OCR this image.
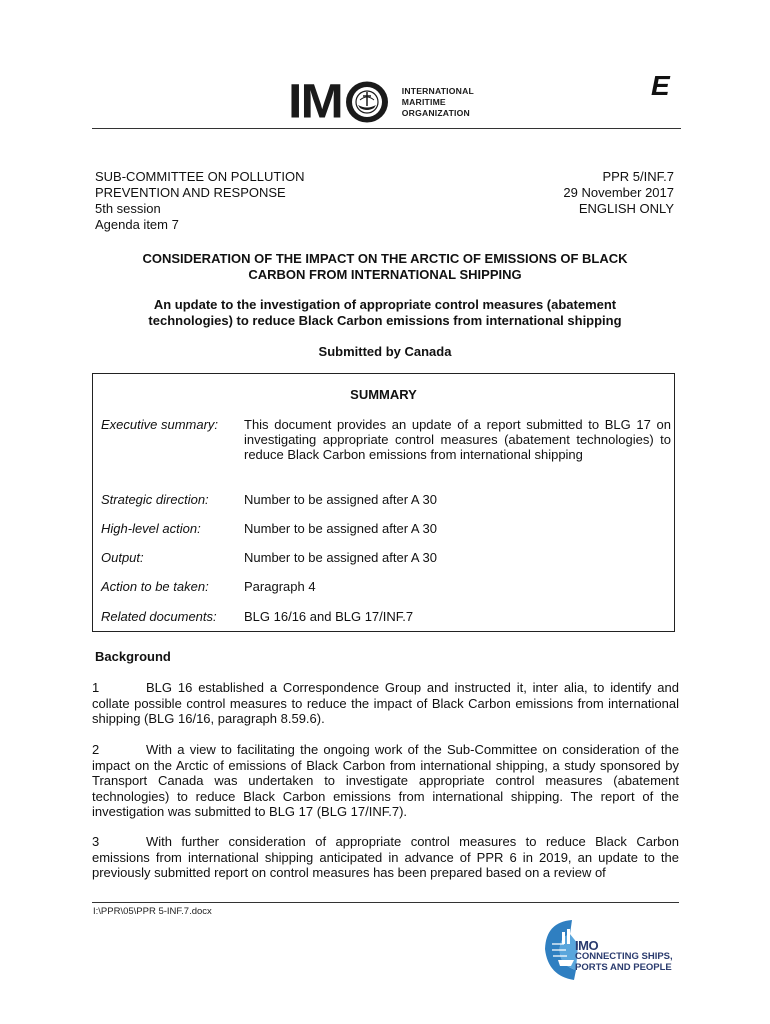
I M	INTERNATIONAL
MARITIME
ORGANIZATION
E
SUB-COMMITTEE ON POLLUTION
PREVENTION AND RESPONSE
5th session
Agenda item 7
PPR 5/INF.7
29 November 2017
ENGLISH ONLY
CONSIDERATION OF THE IMPACT ON THE ARCTIC OF EMISSIONS OF BLACK
CARBON FROM INTERNATIONAL SHIPPING
An update to the investigation of appropriate control measures (abatement
technologies) to reduce Black Carbon emissions from international shipping
Submitted by Canada
SUMMARY
Executive summary: This document provides an update of a report submitted to BLG 17 on investigating appropriate control measures (abatement technologies) to reduce Black Carbon emissions from international shipping
Strategic direction:	Number to be assigned after A 30
High-level action:	Number to be assigned after A 30
Output:	Number to be assigned after A 30
Action to be taken:	Paragraph 4
Related documents: BLG 16/16 and BLG 17/INF.7
Background
1	BLG 16 established a Correspondence Group and instructed it, inter alia, to identify and collate possible control measures to reduce the impact of Black Carbon emissions from international shipping (BLG 16/16, paragraph 8.59.6).
2	With a view to facilitating the ongoing work of the Sub-Committee on consideration of the impact on the Arctic of emissions of Black Carbon from international shipping, a study sponsored by Transport Canada was undertaken to investigate appropriate control measures (abatement technologies) to reduce Black Carbon emissions from international shipping. The report of the investigation was submitted to BLG 17 (BLG 17/INF.7).
3	With further consideration of appropriate control measures to reduce Black Carbon emissions from international shipping anticipated in advance of PPR 6 in 2019, an update to the previously submitted report on control measures has been prepared based on a review of
I:\PPR\05\PPR 5-INF.7.docx
IMO
CONNECTING SHIPS,
PORTS AND PEOPLE
